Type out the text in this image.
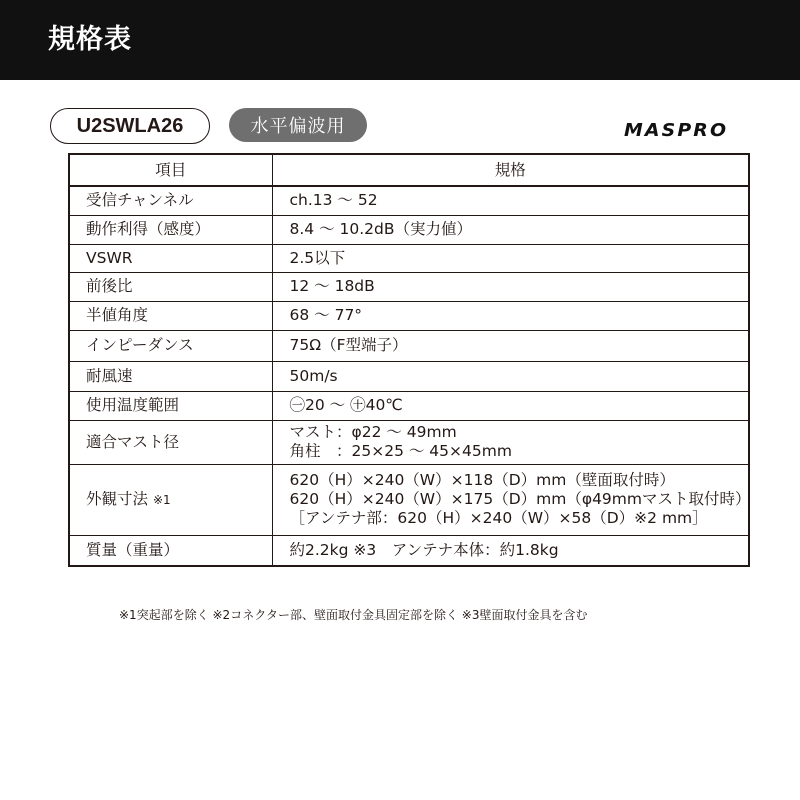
規格表
U2SWLA26	水平偏波用	MASPRO
項目	規格
受信チャンネル	ch.13 ～ 52

動作利得（感度）	8.4 ～ 10.2dB（実力値）

VSWR	2.5以下

前後比	12 ～ 18dB

半値角度	68 ～ 77°

インピーダンス	75Ω（F型端子）

耐風速	50m/s

使用温度範囲	㊀20 ～ ㊉40℃

適合マスト径	マスト：φ22 ～ 49mm
角柱　：25×25 ～ 45×45mm

外観寸法 ※1	620（H）×240（W）×118（D）mm（壁面取付時）
620（H）×240（W）×175（D）mm（φ49mmマスト取付時）
［アンテナ部：620（H）×240（W）×58（D）※2 mm］

質量（重量）	約2.2kg ※3　アンテナ本体：約1.8kg
※1突起部を除く ※2コネクター部、壁面取付金具固定部を除く ※3壁面取付金具を含む
